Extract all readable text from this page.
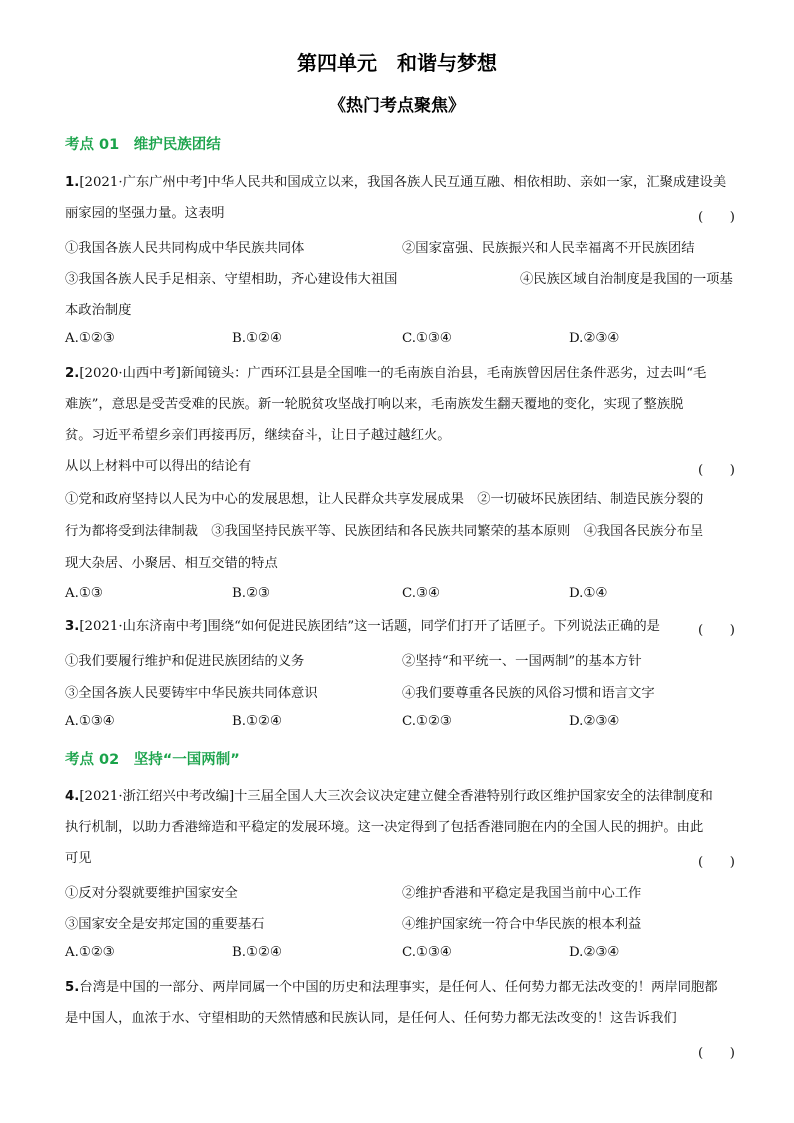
第四单元　和谐与梦想
《热门考点聚焦》
考点 01　维护民族团结
1.[2021·广东广州中考]中华人民共和国成立以来，我国各族人民互通互融、相依相助、亲如一家，汇聚成建设美
丽家园的坚强力量。这表明	(　　)
①我国各族人民共同构成中华民族共同体	②国家富强、民族振兴和人民幸福离不开民族团结
③我国各族人民手足相亲、守望相助，齐心建设伟大祖国	④民族区域自治制度是我国的一项基
本政治制度
A.①②③	B.①②④	C.①③④	D.②③④
2.[2020·山西中考]新闻镜头：广西环江县是全国唯一的毛南族自治县，毛南族曾因居住条件恶劣，过去叫“毛
难族”，意思是受苦受难的民族。新一轮脱贫攻坚战打响以来，毛南族发生翻天覆地的变化，实现了整族脱
贫。习近平希望乡亲们再接再厉，继续奋斗，让日子越过越红火。
从以上材料中可以得出的结论有	(　　)
①党和政府坚持以人民为中心的发展思想，让人民群众共享发展成果　②一切破坏民族团结、制造民族分裂的
行为都将受到法律制裁　③我国坚持民族平等、民族团结和各民族共同繁荣的基本原则　④我国各民族分布呈
现大杂居、小聚居、相互交错的特点
A.①③	B.②③	C.③④	D.①④
3.[2021·山东济南中考]围绕“如何促进民族团结”这一话题，同学们打开了话匣子。下列说法正确的是	(　　)
①我们要履行维护和促进民族团结的义务	②坚持“和平统一、一国两制”的基本方针
③全国各族人民要铸牢中华民族共同体意识	④我们要尊重各民族的风俗习惯和语言文字
A.①③④	B.①②④	C.①②③	D.②③④
考点 02　坚持“一国两制”
4.[2021·浙江绍兴中考改编]十三届全国人大三次会议决定建立健全香港特别行政区维护国家安全的法律制度和
执行机制，以助力香港缔造和平稳定的发展环境。这一决定得到了包括香港同胞在内的全国人民的拥护。由此
可见	(　　)
①反对分裂就要维护国家安全	②维护香港和平稳定是我国当前中心工作
③国家安全是安邦定国的重要基石	④维护国家统一符合中华民族的根本利益
A.①②③	B.①②④	C.①③④	D.②③④
5.台湾是中国的一部分、两岸同属一个中国的历史和法理事实，是任何人、任何势力都无法改变的！两岸同胞都
是中国人，血浓于水、守望相助的天然情感和民族认同，是任何人、任何势力都无法改变的！这告诉我们
(　　)
